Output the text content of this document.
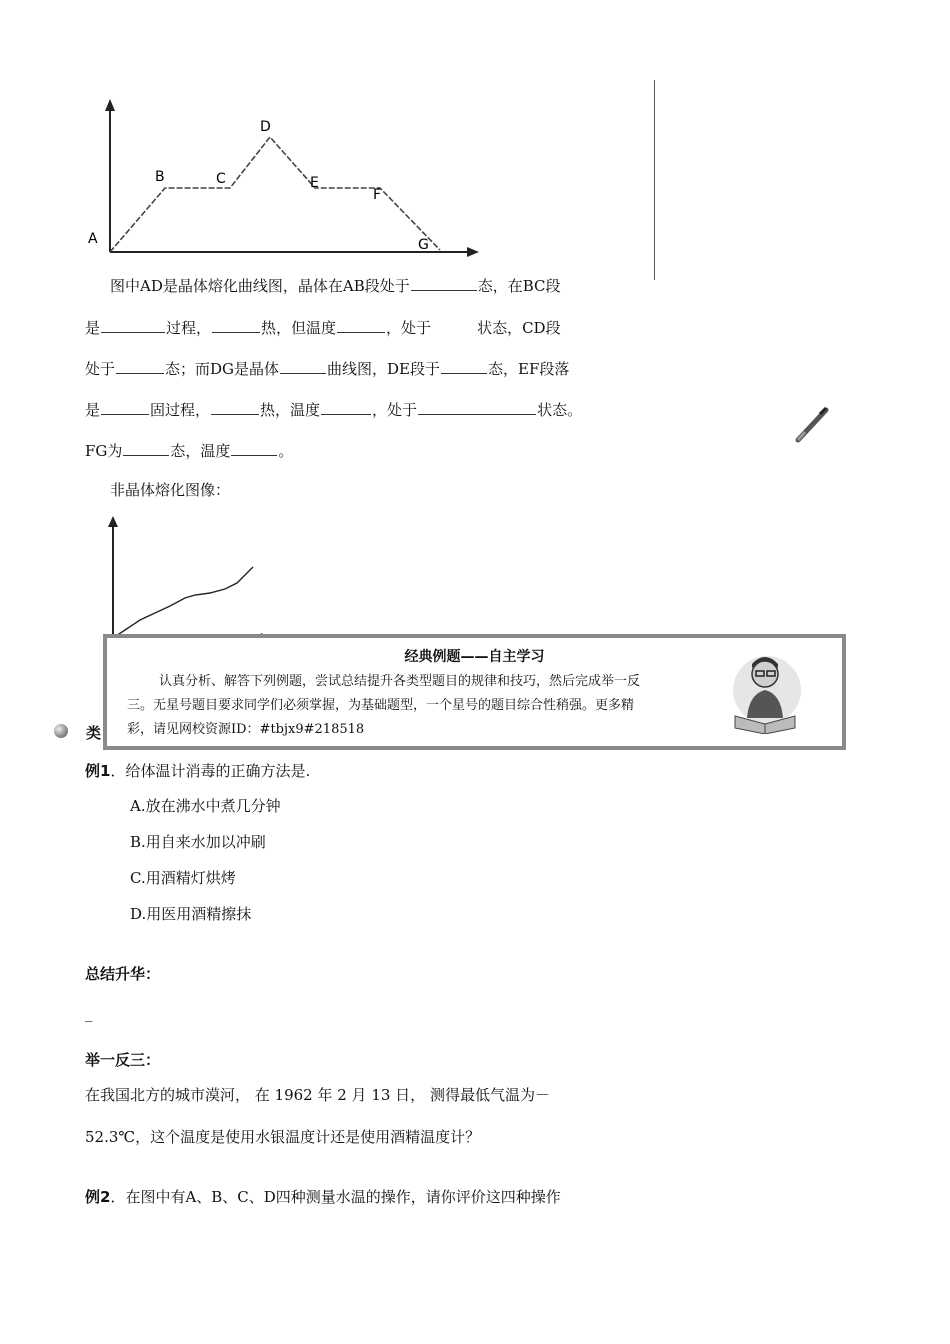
A
B	C
D
E
F
G
图中AD是晶体熔化曲线图，晶体在AB段处于	态，在BC段
是	过程，	热，但温度	，处于	状态，CD段
处于	态；而DG是晶体	曲线图，DE段于	态，EF段落
是	固过程，	热，温度	，处于	状态。
FG为	态，温度	。
非晶体熔化图像：
类
经典例题——自主学习

认真分析、解答下列例题，尝试总结提升各类型题目的规律和技巧，然后完成举一反

三。无星号题目要求同学们必须掌握，为基础题型，一个星号的题目综合性稍强。更多精

彩，请见网校资源ID：#tbjx9#218518

例1．给体温计消毒的正确方法是.
A.放在沸水中煮几分钟
B.用自来水加以冲刷
C.用酒精灯烘烤
D.用医用酒精擦抹
总结升华：
_
举一反三：
在我国北方的城市漠河， 在 1962 年 2 月 13 日， 测得最低气温为－
52.3℃，这个温度是使用水银温度计还是使用酒精温度计？
例2．在图中有A、B、C、D四种测量水温的操作，请你评价这四种操作
